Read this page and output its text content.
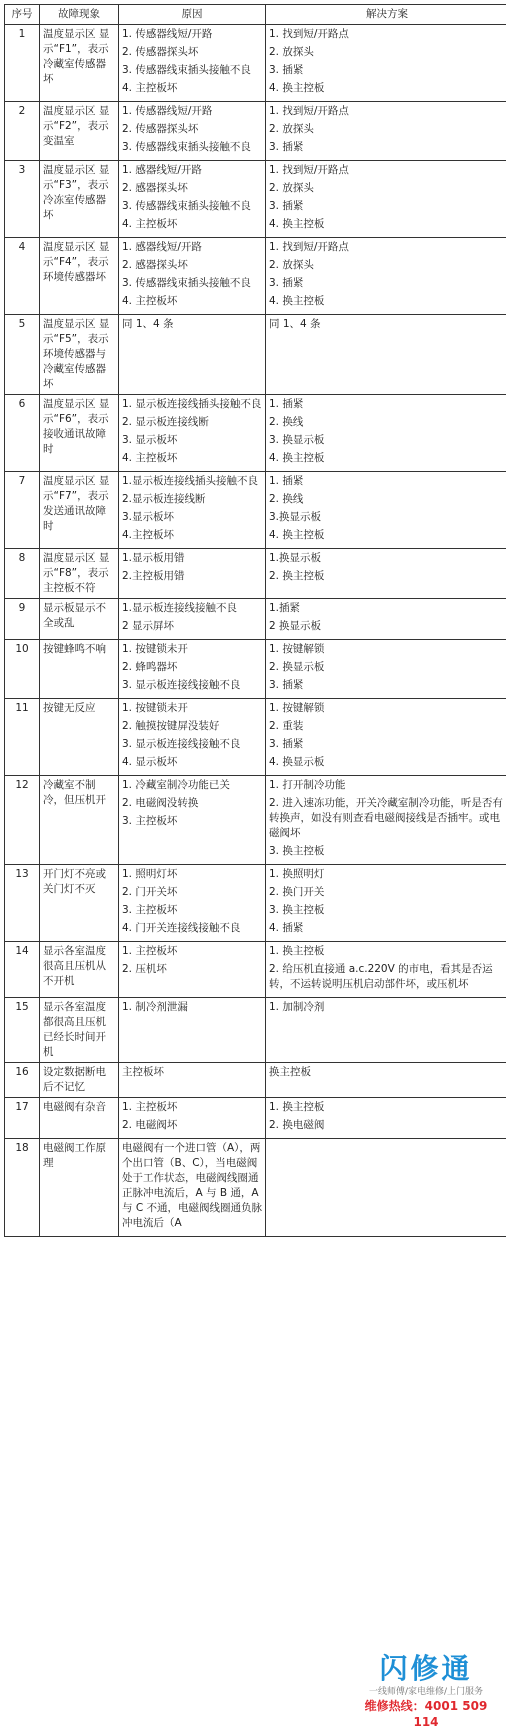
序号	故障现象	原因	解决方案
1	温度显示区 显 示“F1”，表示冷藏室传感器坏	1. 传感器线短/开路
2. 传感器探头坏
3. 传感器线束插头接触不良
4. 主控板坏	1. 找到短/开路点
2. 放探头
3. 插紧
4. 换主控板

2	温度显示区 显 示“F2”，表示变温室	1. 传感器线短/开路
2. 传感器探头坏
3. 传感器线束插头接触不良	1. 找到短/开路点
2. 放探头
3. 插紧

3	温度显示区 显 示“F3”，表示冷冻室传感器坏	1. 感器线短/开路
2. 感器探头坏
3. 传感器线束插头接触不良
4. 主控板坏	1. 找到短/开路点
2. 放探头
3. 插紧
4. 换主控板

4	温度显示区 显 示“F4”，表示环境传感器坏	1. 感器线短/开路
2. 感器探头坏
3. 传感器线束插头接触不良
4. 主控板坏	1. 找到短/开路点
2. 放探头
3. 插紧
4. 换主控板

5	温度显示区 显 示“F5”，表示环境传感器与冷藏室传感器坏	同 1、4 条	同 1、4 条

6	温度显示区 显 示“F6”，表示接收通讯故障时	1. 显示板连接线插头接触不良
2. 显示板连接线断
3. 显示板坏
4. 主控板坏	1. 插紧
2. 换线
3. 换显示板
4. 换主控板

7	温度显示区 显 示“F7”，表示发送通讯故障时	1.显示板连接线插头接触不良
2.显示板连接线断
3.显示板坏
4.主控板坏	1. 插紧
2. 换线
3.换显示板
4. 换主控板

8	温度显示区 显 示“F8”，表示主控板不符	1.显示板用错
2.主控板用错	1.换显示板
2. 换主控板

9	显示板显示不全或乱	1.显示板连接线接触不良
2 显示屏坏	1.插紧
2 换显示板

10	按键蜂鸣不响	1. 按键锁未开
2. 蜂鸣器坏
3. 显示板连接线接触不良	1. 按键解锁
2. 换显示板
3. 插紧

11	按键无反应	1. 按键锁未开
2. 触摸按键屏没装好
3. 显示板连接线接触不良
4. 显示板坏	1. 按键解锁
2. 重装
3. 插紧
4. 换显示板

12	冷藏室不制冷，但压机开	1. 冷藏室制冷功能已关
2. 电磁阀没转换
3. 主控板坏	1. 打开制冷功能
2. 进入速冻功能，开关冷藏室制冷功能，听是否有转换声，如没有则查看电磁阀接线是否插牢。或电磁阀坏
3. 换主控板

13	开门灯不亮或关门灯不灭	1. 照明灯坏
2. 门开关坏
3. 主控板坏
4. 门开关连接线接触不良	1. 换照明灯
2. 换门开关
3. 换主控板
4. 插紧

14	显示各室温度很高且压机从不开机	1. 主控板坏
2. 压机坏	1. 换主控板
2. 给压机直接通 a.c.220V 的市电，看其是否运转，不运转说明压机启动部件坏，或压机坏

15	显示各室温度都很高且压机已经长时间开机	1. 制冷剂泄漏	1. 加制冷剂

16	设定数据断电后不记忆	主控板坏	换主控板

17	电磁阀有杂音	1. 主控板坏
2. 电磁阀坏	1. 换主控板
2. 换电磁阀

18	电磁阀工作原理	电磁阀有一个进口管（A），两个出口管（B、C），当电磁阀处于工作状态，电磁阀线圈通正脉冲电流后，A 与 B 通，A 与 C 不通，电磁阀线圈通负脉冲电流后（A	

闪修通
一线师傅/家电维修/上门服务
维修热线：4001 509 114
